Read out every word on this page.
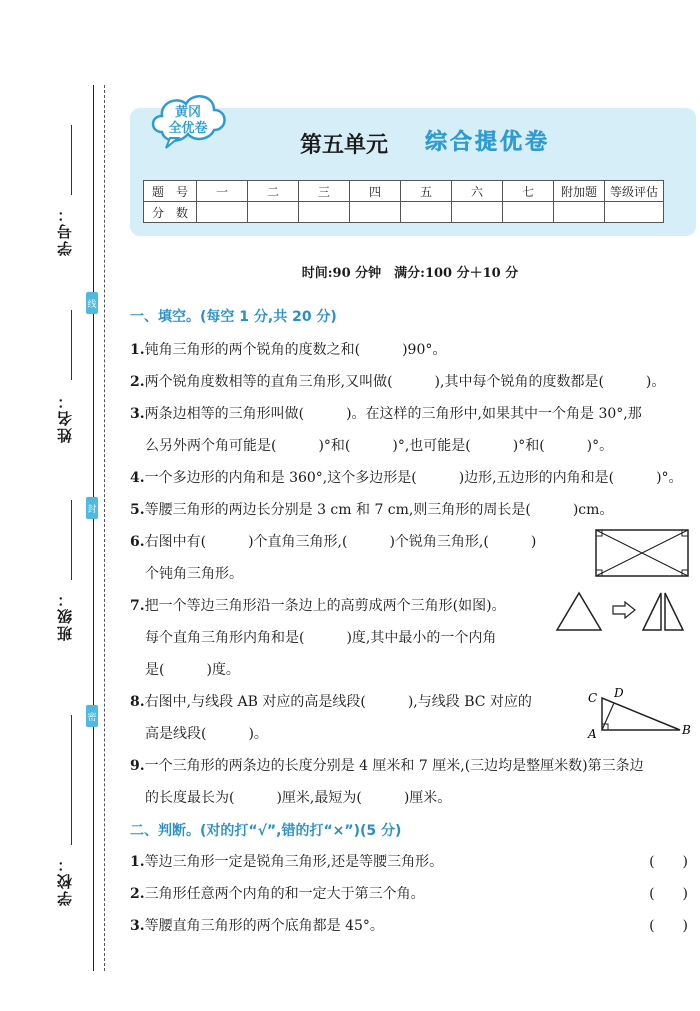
学号：
姓名：
班级：
学校：
线
封
密
黄冈
全优卷
第五单元 综合提优卷
题　号	一	二	三	四	五	六	七	附加题	等级评估
分　数									
时间:90 分钟　满分:100 分＋10 分
一、填空。(每空 1 分,共 20 分)
1.钝角三角形的两个锐角的度数之和(　　　)90°。
2.两个锐角度数相等的直角三角形,又叫做(　　　),其中每个锐角的度数都是(　　　)。
3.两条边相等的三角形叫做(　　　)。在这样的三角形中,如果其中一个角是 30°,那
么另外两个角可能是(　　　)°和(　　　)°,也可能是(　　　)°和(　　　)°。
4.一个多边形的内角和是 360°,这个多边形是(　　　)边形,五边形的内角和是(　　　)°。
5.等腰三角形的两边长分别是 3 cm 和 7 cm,则三角形的周长是(　　　)cm。
6.右图中有(　　　)个直角三角形,(　　　)个锐角三角形,(　　　)
个钝角三角形。
7.把一个等边三角形沿一条边上的高剪成两个三角形(如图)。
每个直角三角形内角和是(　　　)度,其中最小的一个内角
是(　　　)度。
8.右图中,与线段 AB 对应的高是线段(　　　),与线段 BC 对应的
高是线段(　　　)。
9.一个三角形的两条边的长度分别是 4 厘米和 7 厘米,(三边均是整厘米数)第三条边
的长度最长为(　　　)厘米,最短为(　　　)厘米。
C D
A	B
二、判断。(对的打“√”,错的打“×”)(5 分)
1.等边三角形一定是锐角三角形,还是等腰三角形。	(　　)
2.三角形任意两个内角的和一定大于第三个角。	(　　)
3.等腰直角三角形的两个底角都是 45°。	(　　)
